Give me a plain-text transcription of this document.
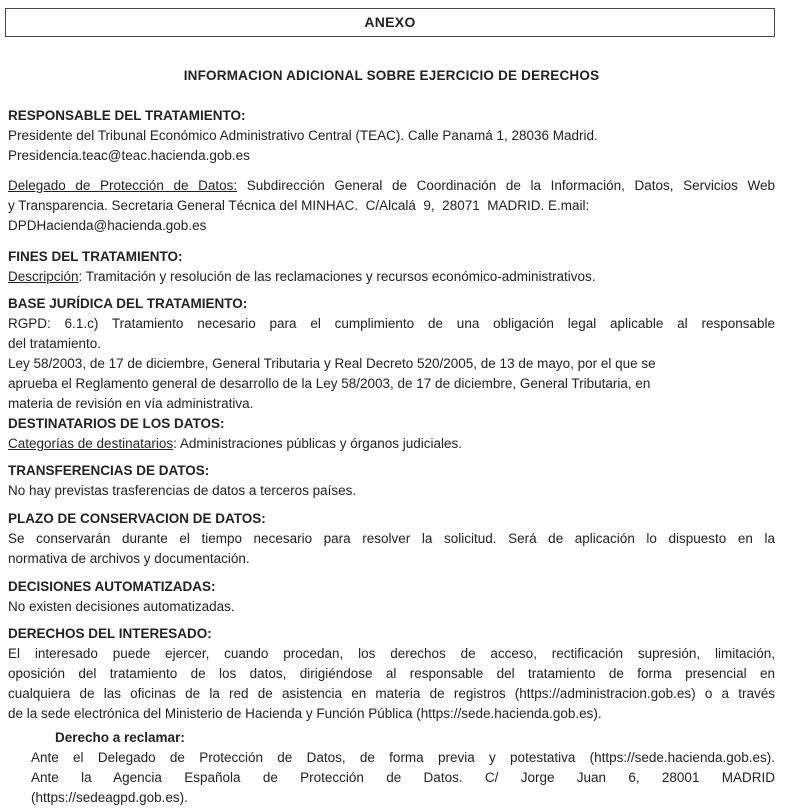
ANEXO
INFORMACION ADICIONAL SOBRE EJERCICIO DE DERECHOS
RESPONSABLE DEL TRATAMIENTO:
Presidente del Tribunal Económico Administrativo Central (TEAC). Calle Panamá 1, 28036 Madrid.
Presidencia.teac@teac.hacienda.gob.es
Delegado de Protección de Datos: Subdirección General de Coordinación de la Información, Datos, Servicios Web
y Transparencia. Secretaria General Técnica del MINHAC.  C/Alcalá  9,  28071  MADRID. E.mail:
DPDHacienda@hacienda.gob.es
FINES DEL TRATAMIENTO:
Descripción: Tramitación y resolución de las reclamaciones y recursos económico-administrativos.
BASE JURÍDICA DEL TRATAMIENTO:
RGPD: 6.1.c) Tratamiento necesario para el cumplimiento de una obligación legal aplicable al responsable
del tratamiento.
Ley 58/2003, de 17 de diciembre, General Tributaria y Real Decreto 520/2005, de 13 de mayo, por el que se
aprueba el Reglamento general de desarrollo de la Ley 58/2003, de 17 de diciembre, General Tributaria, en
materia de revisión en vía administrativa.
DESTINATARIOS DE LOS DATOS:
Categorías de destinatarios: Administraciones públicas y órganos judiciales.
TRANSFERENCIAS DE DATOS:
No hay previstas trasferencias de datos a terceros países.
PLAZO DE CONSERVACION DE DATOS:
Se conservarán durante el tiempo necesario para resolver la solicitud. Será de aplicación lo dispuesto en la
normativa de archivos y documentación.
DECISIONES AUTOMATIZADAS:
No existen decisiones automatizadas.
DERECHOS DEL INTERESADO:
El interesado puede ejercer, cuando procedan, los derechos de acceso, rectificación supresión, limitación,
oposición del tratamiento de los datos, dirigiéndose al responsable del tratamiento de forma presencial en
cualquiera de las oficinas de la red de asistencia en materia de registros (https://administracion.gob.es) o a través
de la sede electrónica del Ministerio de Hacienda y Función Pública (https://sede.hacienda.gob.es).
Derecho a reclamar:
Ante el Delegado de Protección de Datos, de forma previa y potestativa (https://sede.hacienda.gob.es).
Ante la Agencia Española de Protección de Datos. C/ Jorge Juan 6, 28001 MADRID
(https://sedeagpd.gob.es).
